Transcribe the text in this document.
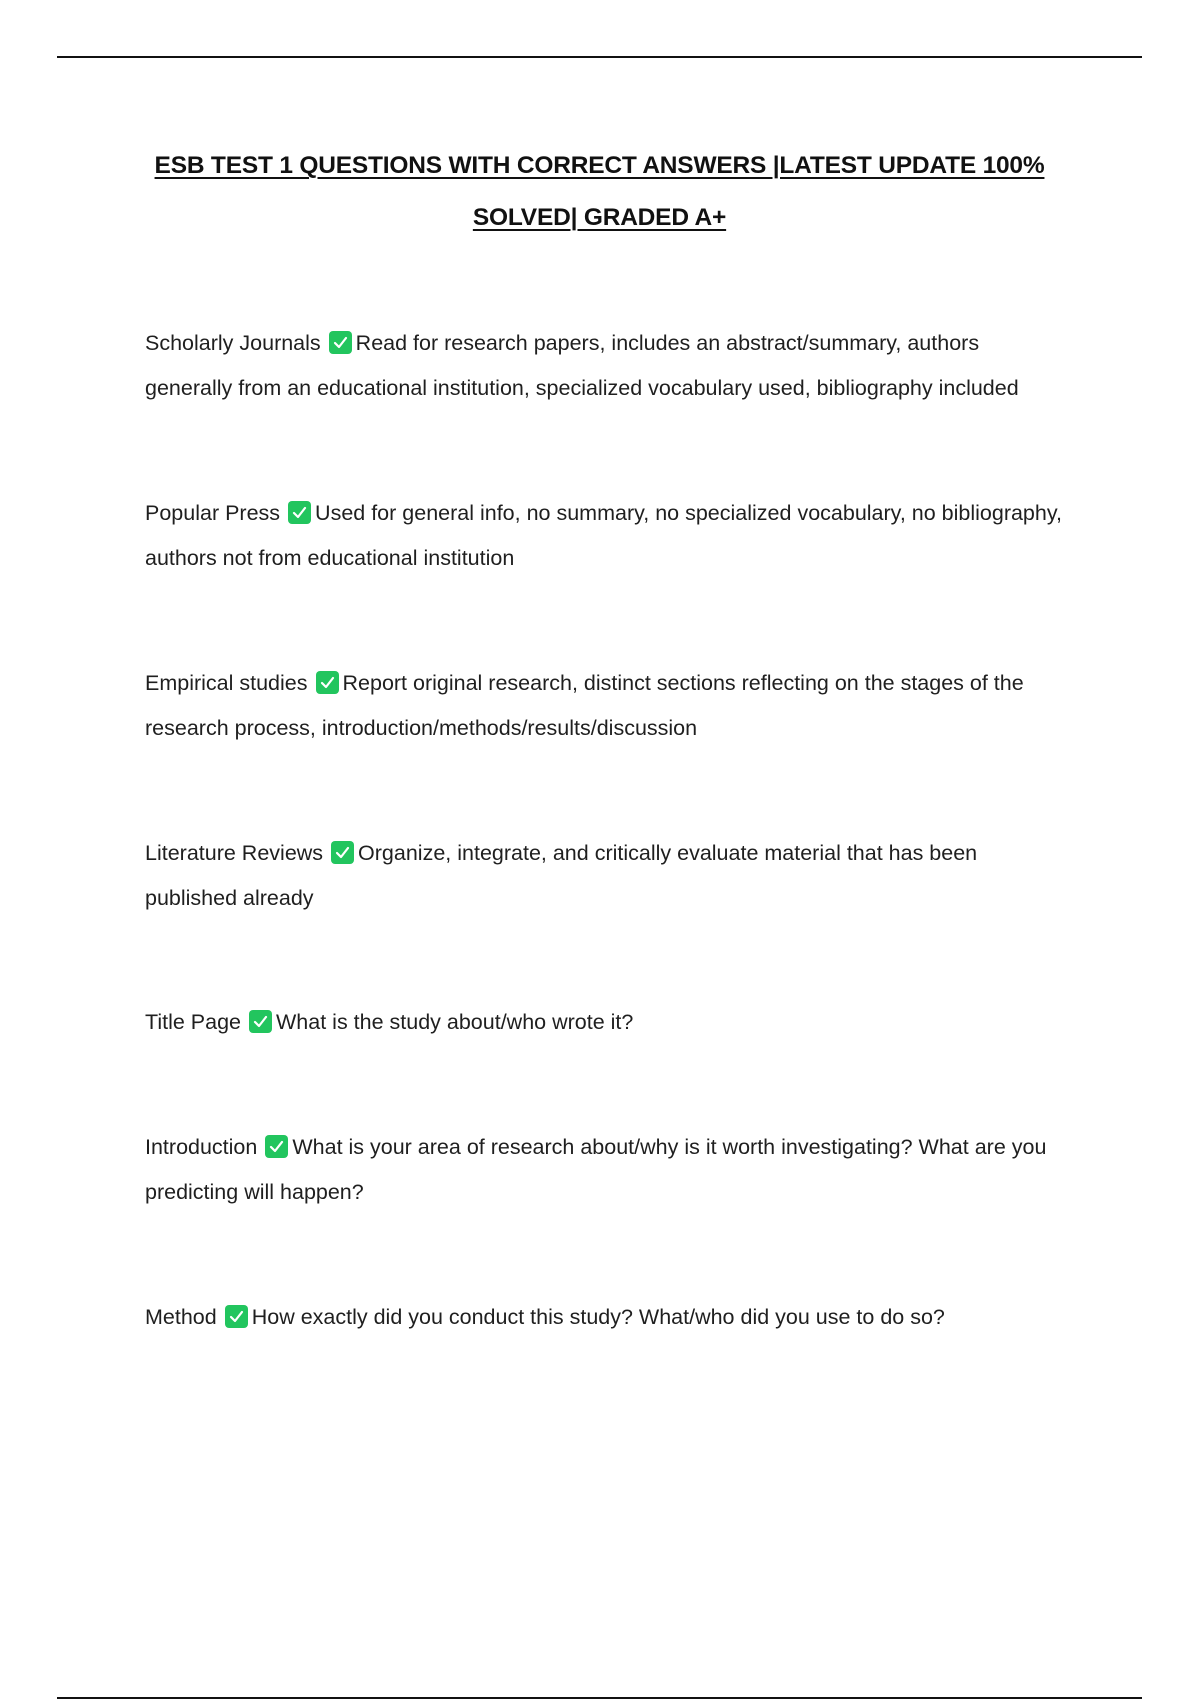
ESB TEST 1 QUESTIONS WITH CORRECT ANSWERS |LATEST UPDATE 100%
SOLVED| GRADED A+
Scholarly Journals Read for research papers, includes an abstract/summary, authors generally from an educational institution, specialized vocabulary used, bibliography included
Popular Press Used for general info, no summary, no specialized vocabulary, no bibliography, authors not from educational institution
Empirical studies Report original research, distinct sections reflecting on the stages of the research process, introduction/methods/results/discussion
Literature Reviews Organize, integrate, and critically evaluate material that has been published already
Title Page What is the study about/who wrote it?
Introduction What is your area of research about/why is it worth investigating? What are you predicting will happen?
Method How exactly did you conduct this study? What/who did you use to do so?
